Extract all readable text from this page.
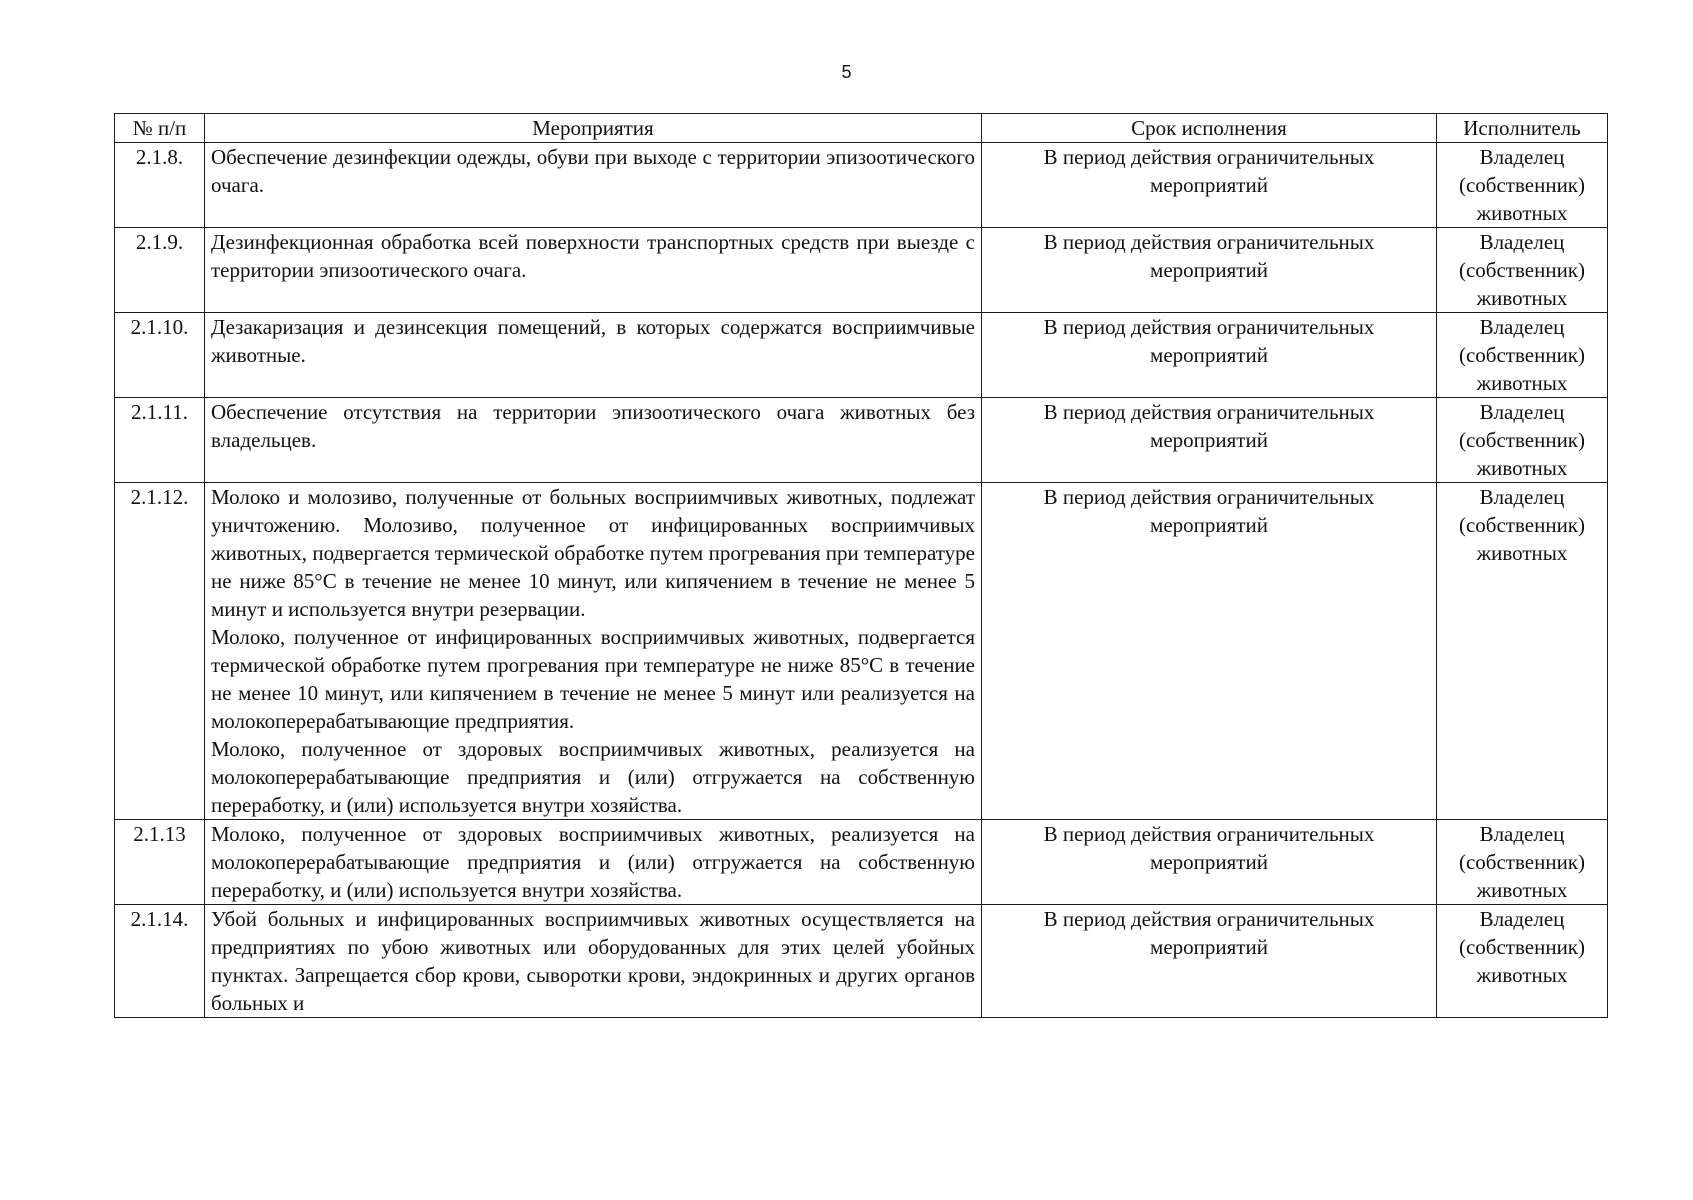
5
№ п/п	Мероприятия	Срок исполнения	Исполнитель
2.1.8.	Обеспечение дезинфекции одежды, обуви при выходе с территории эпизоотического очага.	В период действия ограничительных мероприятий	Владелец (собственник) животных
2.1.9.	Дезинфекционная обработка всей поверхности транспортных средств при выезде с территории эпизоотического очага.	В период действия ограничительных мероприятий	Владелец (собственник) животных
2.1.10.	Дезакаризация и дезинсекция помещений, в которых содержатся восприимчивые животные.	В период действия ограничительных мероприятий	Владелец (собственник) животных
2.1.11.	Обеспечение отсутствия на территории эпизоотического очага животных без владельцев.	В период действия ограничительных мероприятий	Владелец (собственник) животных
2.1.12.	Молоко и молозиво, полученные от больных восприимчивых животных, подлежат уничтожению. Молозиво, полученное от инфицированных восприимчивых животных, подвергается термической обработке путем прогревания при температуре не ниже 85°С в течение не менее 10 минут, или кипячением в течение не менее 5 минут и используется внутри резервации.
Молоко, полученное от инфицированных восприимчивых животных, подвергается термической обработке путем прогревания при температуре не ниже 85°С в течение не менее 10 минут, или кипячением в течение не менее 5 минут или реализуется на молокоперерабатывающие предприятия.
Молоко, полученное от здоровых восприимчивых животных, реализуется на молокоперерабатывающие предприятия и (или) отгружается на собственную переработку, и (или) используется внутри хозяйства.	В период действия ограничительных мероприятий	Владелец (собственник) животных
2.1.13	Молоко, полученное от здоровых восприимчивых животных, реализуется на молокоперерабатывающие предприятия и (или) отгружается на собственную переработку, и (или) используется внутри хозяйства.	В период действия ограничительных мероприятий	Владелец (собственник) животных
2.1.14.	Убой больных и инфицированных восприимчивых животных осуществляется на предприятиях по убою животных или оборудованных для этих целей убойных пунктах. Запрещается сбор крови, сыворотки крови, эндокринных и других органов больных и	В период действия ограничительных мероприятий	Владелец (собственник) животных
